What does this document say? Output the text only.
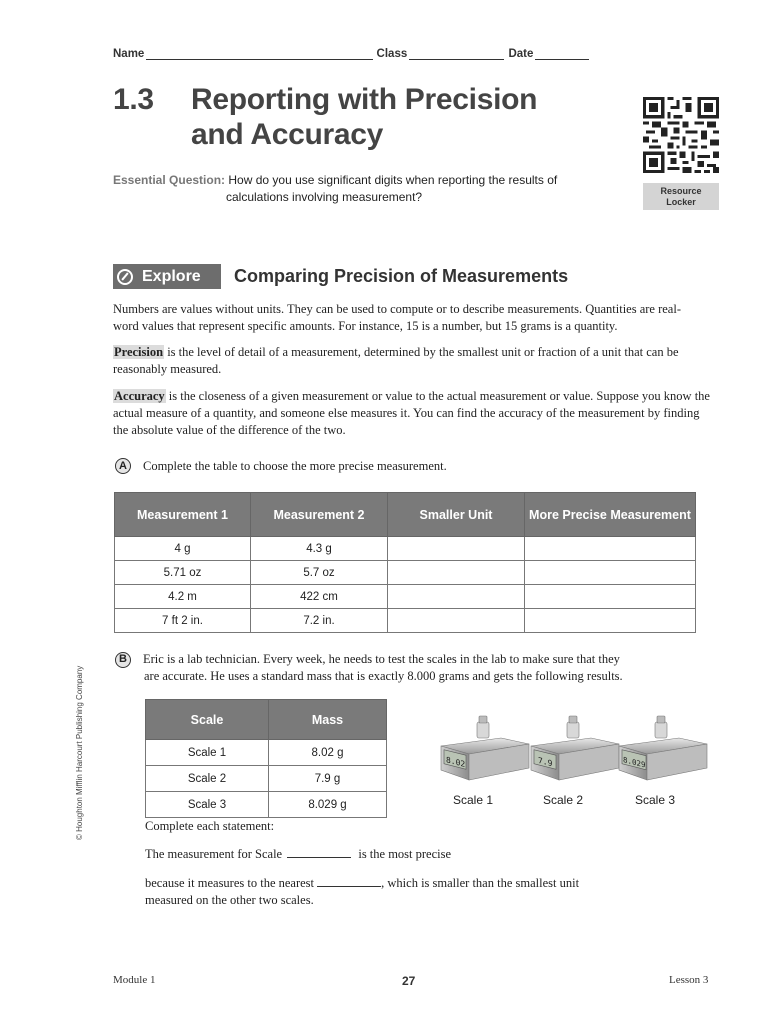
Name	Class	Date
1.3 Reporting with Precision
and Accuracy
Essential Question: How do you use significant digits when reporting the results of
calculations involving measurement?	Resource
Locker
Explore Comparing Precision of Measurements
Numbers are values without units. They can be used to compute or to describe measurements. Quantities are real-
word values that represent specific amounts. For instance, 15 is a number, but 15 grams is a quantity.
Precision is the level of detail of a measurement, determined by the smallest unit or fraction of a unit that can be
reasonably measured.
Accuracy is the closeness of a given measurement or value to the actual measurement or value. Suppose you know the
actual measure of a quantity, and someone else measures it. You can find the accuracy of the measurement by finding
the absolute value of the difference of the two.
A	Complete the table to choose the more precise measurement.
Measurement 1	Measurement 2	Smaller Unit	More Precise Measurement
4 g	4.3 g		
5.71 oz	5.7 oz		
4.2 m	422 cm		
7 ft 2 in.	7.2 in.		
B	Eric is a lab technician. Every week, he needs to test the scales in the lab to make sure that they
are accurate. He uses a standard mass that is exactly 8.000 grams and gets the following results.
Scale	Mass
Scale 1	8.02 g
Scale 2	7.9 g
Scale 3	8.029 g
8.02	7.9	8.029
Scale 1	Scale 2	Scale 3
Complete each statement:
The measurement for Scale	is the most precise
because it measures to the nearest	, which is smaller than the smallest unit
measured on the other two scales.
© Houghton Mifflin Harcourt Publishing Company
Module 1	27	Lesson 3
